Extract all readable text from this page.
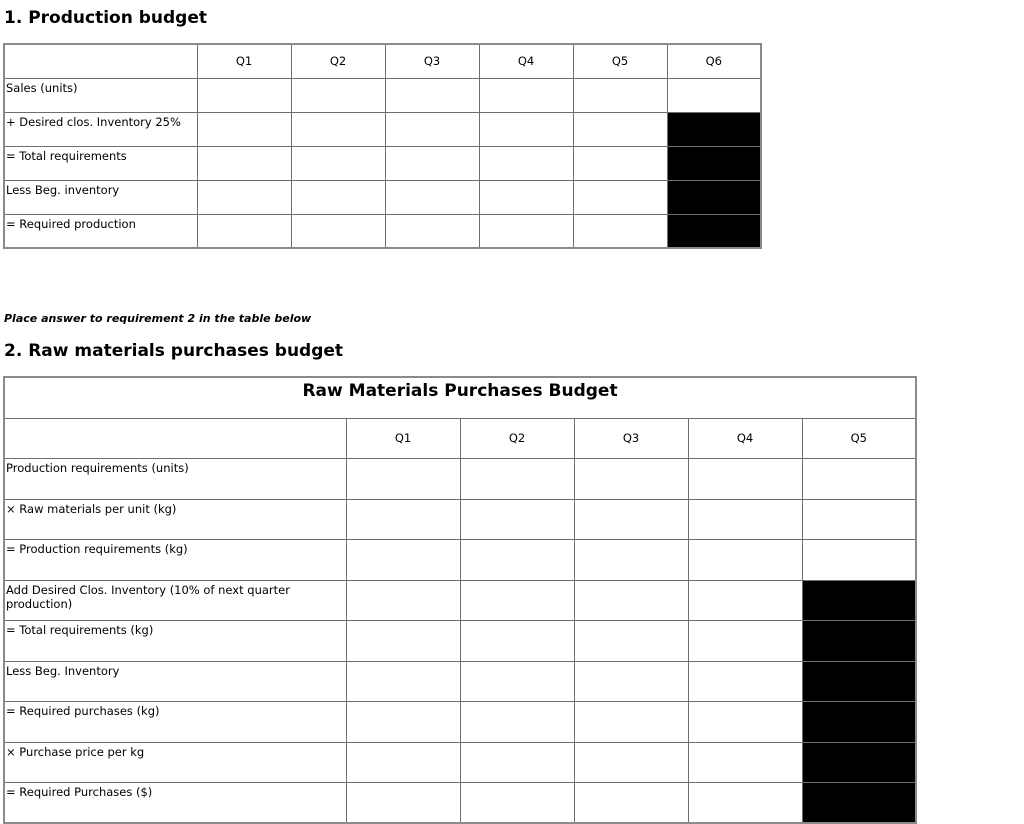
1. Production budget
	Q1	Q2	Q3	Q4	Q5	Q6
Sales (units)						
+ Desired clos. Inventory 25%						
= Total requirements						
Less Beg. inventory						
= Required production						

Place answer to requirement 2 in the table below

2. Raw materials purchases budget
Raw Materials Purchases Budget					
	Q1	Q2	Q3	Q4	Q5
Production requirements (units)					
× Raw materials per unit (kg)					
= Production requirements (kg)					
Add Desired Clos. Inventory (10% of next quarter production)					
= Total requirements (kg)					
Less Beg. Inventory					
= Required purchases (kg)					
× Purchase price per kg					
= Required Purchases ($)					
